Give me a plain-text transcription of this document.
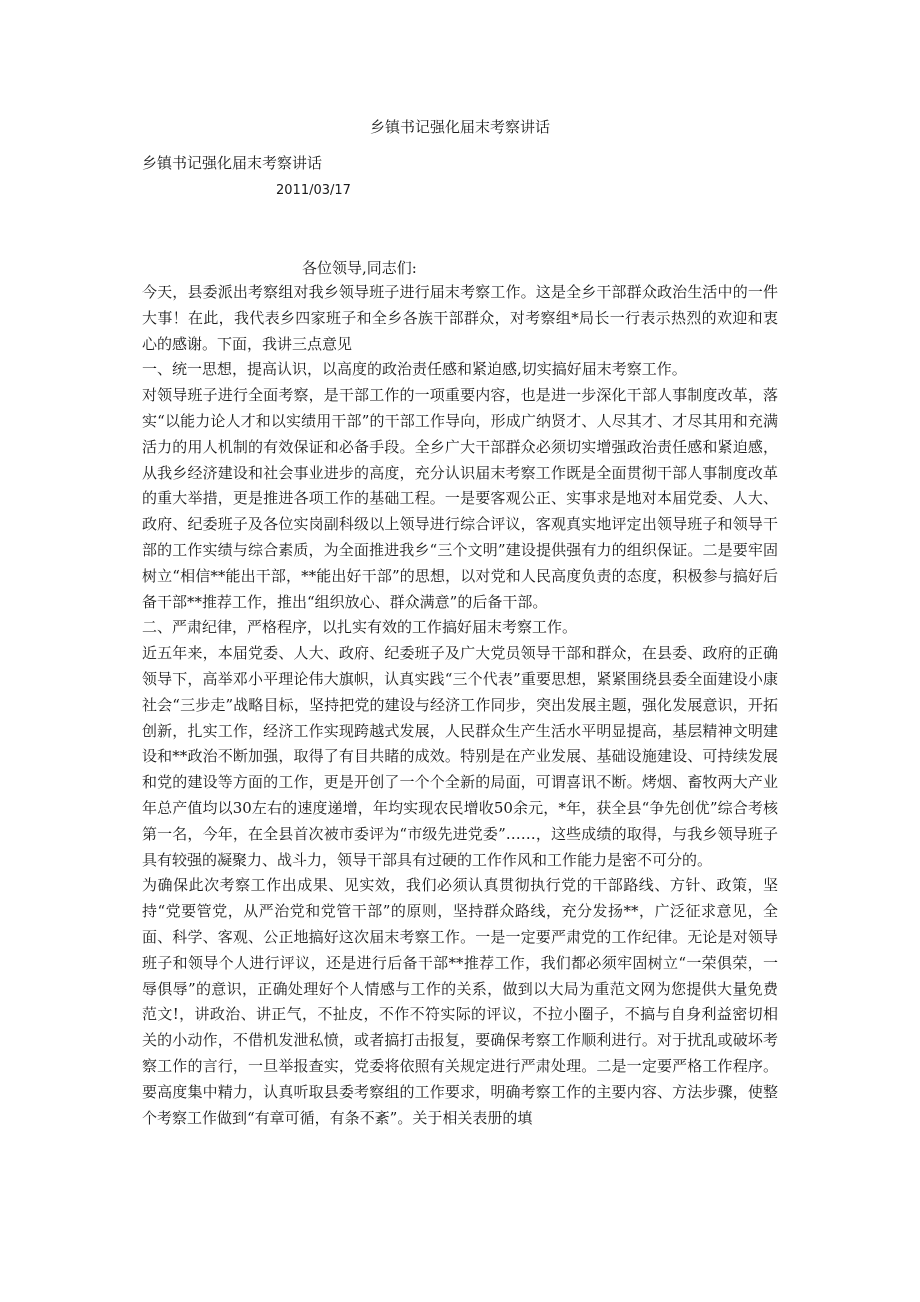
乡镇书记强化届末考察讲话
乡镇书记强化届末考察讲话
2011/03/17
各位领导,同志们:

今天，县委派出考察组对我乡领导班子进行届末考察工作。这是全乡干部群众政治生活中的一件大事！在此，我代表乡四家班子和全乡各族干部群众，对考察组*局长一行表示热烈的欢迎和衷心的感谢。下面，我讲三点意见

一、统一思想，提高认识，以高度的政治责任感和紧迫感,切实搞好届末考察工作。

对领导班子进行全面考察，是干部工作的一项重要内容，也是进一步深化干部人事制度改革，落实“以能力论人才和以实绩用干部”的干部工作导向，形成广纳贤才、人尽其才、才尽其用和充满活力的用人机制的有效保证和必备手段。全乡广大干部群众必须切实增强政治责任感和紧迫感，从我乡经济建设和社会事业进步的高度，充分认识届末考察工作既是全面贯彻干部人事制度改革的重大举措，更是推进各项工作的基础工程。一是要客观公正、实事求是地对本届党委、人大、政府、纪委班子及各位实岗副科级以上领导进行综合评议，客观真实地评定出领导班子和领导干部的工作实绩与综合素质，为全面推进我乡“三个文明”建设提供强有力的组织保证。二是要牢固树立“相信**能出干部，**能出好干部”的思想，以对党和人民高度负责的态度，积极参与搞好后备干部**推荐工作，推出“组织放心、群众满意”的后备干部。

二、严肃纪律，严格程序，以扎实有效的工作搞好届末考察工作。

近五年来，本届党委、人大、政府、纪委班子及广大党员领导干部和群众，在县委、政府的正确领导下，高举邓小平理论伟大旗帜，认真实践“三个代表”重要思想，紧紧围绕县委全面建设小康社会“三步走”战略目标，坚持把党的建设与经济工作同步，突出发展主题，强化发展意识，开拓创新，扎实工作，经济工作实现跨越式发展，人民群众生产生活水平明显提高，基层精神文明建设和**政治不断加强，取得了有目共睹的成效。特别是在产业发展、基础设施建设、可持续发展和党的建设等方面的工作，更是开创了一个个全新的局面，可谓喜讯不断。烤烟、畜牧两大产业年总产值均以30左右的速度递增，年均实现农民增收50余元，*年，获全县“争先创优”综合考核第一名，今年，在全县首次被市委评为“市级先进党委”……，这些成绩的取得，与我乡领导班子具有较强的凝聚力、战斗力，领导干部具有过硬的工作作风和工作能力是密不可分的。

为确保此次考察工作出成果、见实效，我们必须认真贯彻执行党的干部路线、方针、政策，坚持“党要管党，从严治党和党管干部”的原则，坚持群众路线，充分发扬**，广泛征求意见，全面、科学、客观、公正地搞好这次届末考察工作。一是一定要严肃党的工作纪律。无论是对领导班子和领导个人进行评议，还是进行后备干部**推荐工作，我们都必须牢固树立“一荣俱荣，一辱俱辱”的意识，正确处理好个人情感与工作的关系，做到以大局为重范文网为您提供大量免费范文!，讲政治、讲正气，不扯皮，不作不符实际的评议，不拉小圈子，不搞与自身利益密切相关的小动作，不借机发泄私愤，或者搞打击报复，要确保考察工作顺利进行。对于扰乱或破坏考察工作的言行，一旦举报查实，党委将依照有关规定进行严肃处理。二是一定要严格工作程序。要高度集中精力，认真听取县委考察组的工作要求，明确考察工作的主要内容、方法步骤，使整个考察工作做到“有章可循，有条不紊”。关于相关表册的填
